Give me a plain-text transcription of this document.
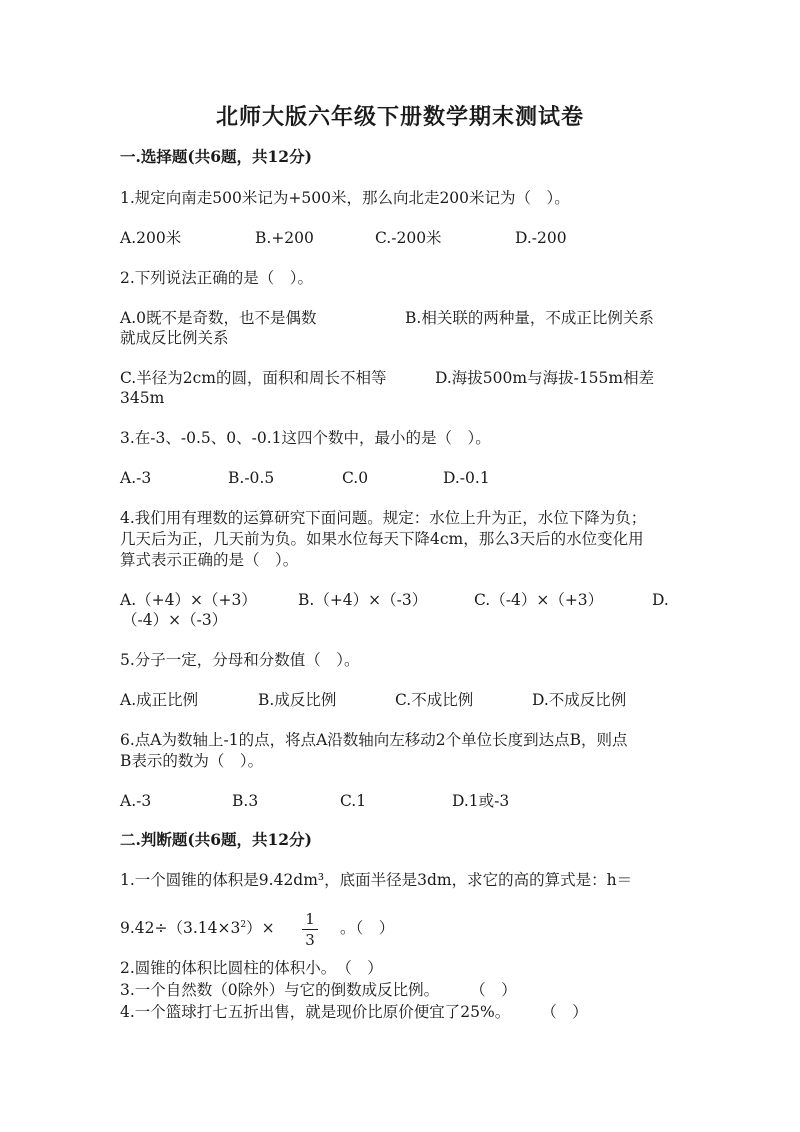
北师大版六年级下册数学期末测试卷
一.选择题(共6题，共12分)
1.规定向南走500米记为+500米，那么向北走200米记为（　）。
A.200米	B.+200	C.-200米	D.-200
2.下列说法正确的是（　）。
A.0既不是奇数，也不是偶数	B.相关联的两种量，不成正比例关系
就成反比例关系
C.半径为2cm的圆，面积和周长不相等	D.海拔500m与海拔-155m相差
345m
3.在-3、-0.5、0、-0.1这四个数中，最小的是（　）。
A.-3	B.-0.5	C.0	D.-0.1
4.我们用有理数的运算研究下面问题。规定：水位上升为正，水位下降为负；
几天后为正，几天前为负。如果水位每天下降4cm，那么3天后的水位变化用
算式表示正确的是（　）。
A.（+4）×（+3）	B.（+4）×（-3）	C.（-4）×（+3）	D.
（-4）×（-3）
5.分子一定，分母和分数值（　）。
A.成正比例	B.成反比例	C.不成比例	D.不成反比例
6.点A为数轴上-1的点，将点A沿数轴向左移动2个单位长度到达点B，则点
B表示的数为（　）。
A.-3	B.3	C.1	D.1或-3
二.判断题(共6题，共12分)
1.一个圆锥的体积是9.42dm³，底面半径是3dm，求它的高的算式是：h＝
$9.42\div(3.14\times 3^2)\times$	1
3
。（　）
2.圆锥的体积比圆柱的体积小。　（　）
3.一个自然数（0除外）与它的倒数成反比例。　　　（　）
4.一个篮球打七五折出售，就是现价比原价便宜了25%。　　　（　）
